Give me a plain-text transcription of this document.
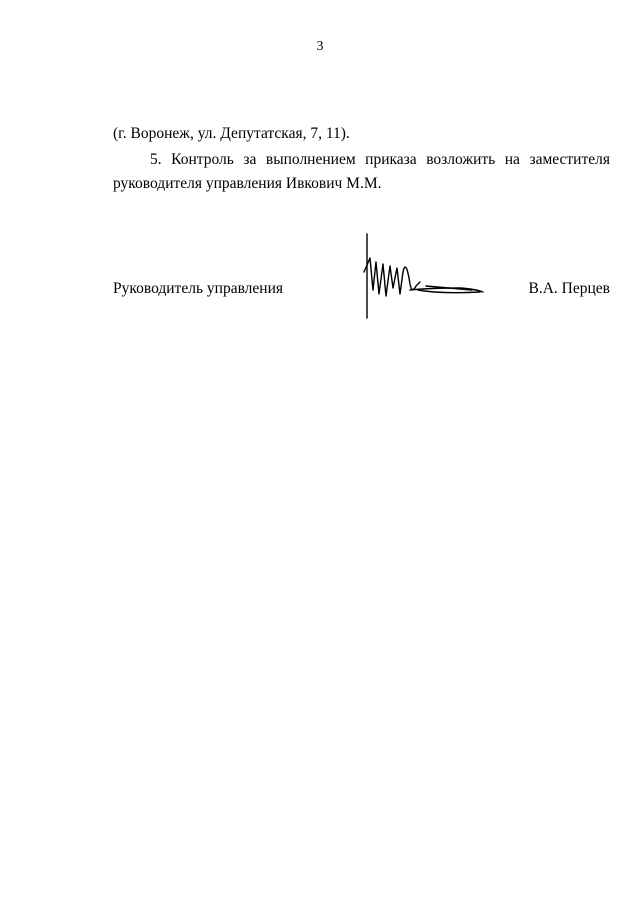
3
(г. Воронеж, ул. Депутатская, 7, 11).
5. Контроль за выполнением приказа возложить на заместителя
руководителя управления Ивкович М.М.
Руководитель управления	В.А. Перцев
